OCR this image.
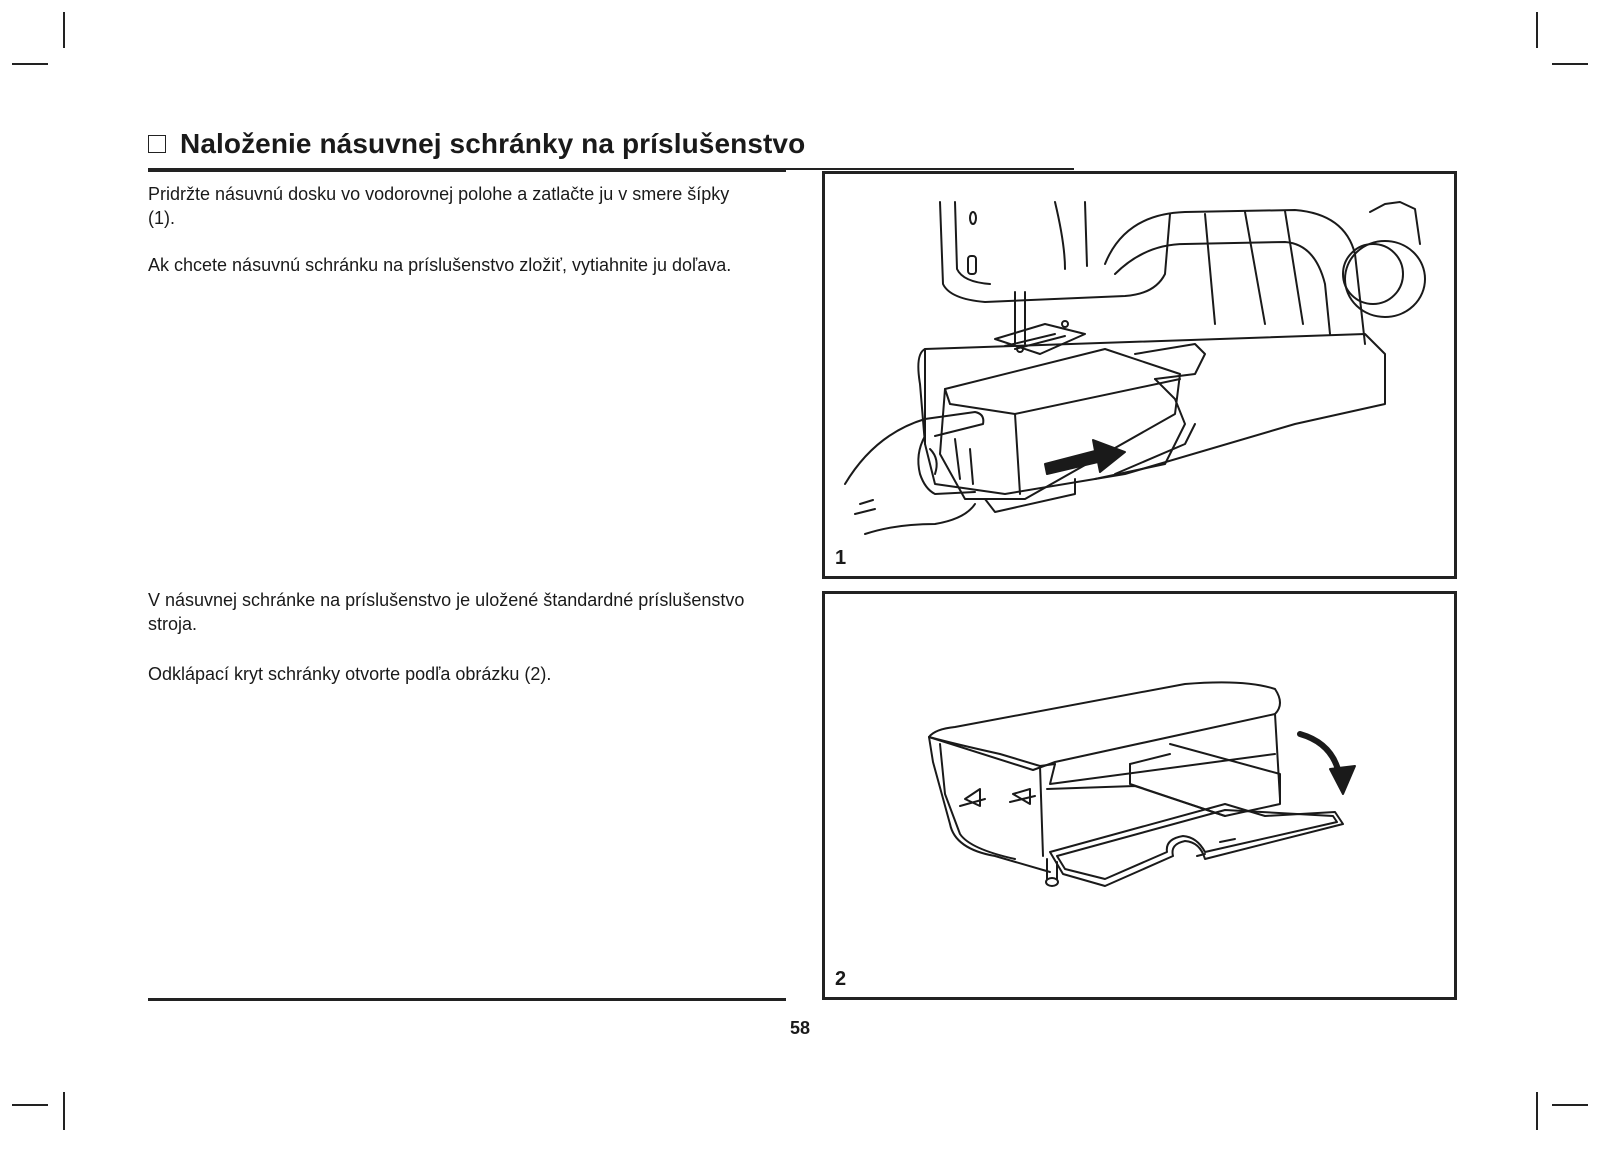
Naloženie násuvnej schránky na príslušenstvo

Pridržte násuvnú dosku vo vodorovnej polohe a zatlačte ju v smere šípky (1).

Ak chcete násuvnú schránku na príslušenstvo zložiť, vytiahnite ju doľava.

V násuvnej schránke na príslušenstvo je uložené štandardné príslušenstvo stroja.

Odklápací kryt schránky otvorte podľa obrázku (2).

1
2
58
